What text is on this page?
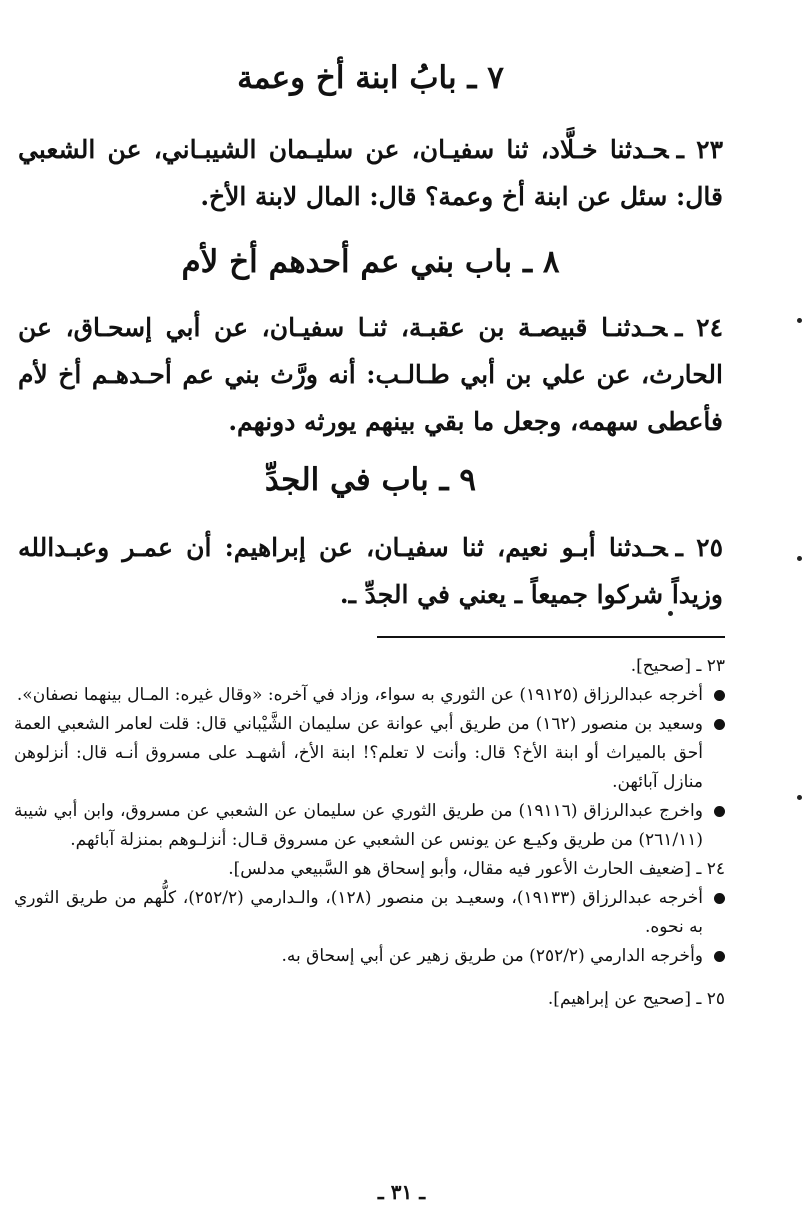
٧ ـ بابُ ابنة أخ وعمة
٢٣ ـحـدثنا خـلَّاد، ثنا سفيـان، عن سليـمان الشيبـاني، عن الشعبي قال: سئل عن ابنة أخ وعمة؟ قال: المال لابنة الأخ.
٨ ـ باب بني عم أحدهم أخ لأم
٢٤ ـحـدثنـا قبيصـة بن عقبـة، ثنـا سفيـان، عن أبي إسحـاق، عن الحارث، عن علي بن أبي طـالـب: أنه ورَّث بني عم أحـدهـم أخ لأم فأعطى سهمه، وجعل ما بقي بينهم يورثه دونهم.
٩ ـ باب في الجدِّ
٢٥ ـحـدثنا أبـو نعيم، ثنا سفيـان، عن إبراهيم: أن عمـر وعبـدالله وزيداً شركوا جميعاً ـ يعني في الجدِّ ـ.

٢٣ ـ [صحيح].

أخرجه عبدالرزاق (١٩١٢٥) عن الثوري به سواء، وزاد في آخره: «وقال غيره: المـال بينهما نصفان».

وسعيد بن منصور (١٦٢) من طريق أبي عوانة عن سليمان الشَّيْباني قال: قلت لعامر الشعبي العمة أحق بالميراث أو ابنة الأخ؟ قال: وأنت لا تعلم؟! ابنة الأخ، أشهـد على مسروق أنـه قال: أنزلوهن منازل آبائهن.

واخرج عبدالرزاق (١٩١١٦) من طريق الثوري عن سليمان عن الشعبي عن مسروق، وابن أبي شيبة (٢٦١/١١) من طريق وكيـع عن يونس عن الشعبي عن مسروق قـال: أنزلـوهم بمنزلة آبائهم.

٢٤ ـ [ضعيف الحارث الأعور فيه مقال، وأبو إسحاق هو السَّبيعي مدلس].

أخرجه عبدالرزاق (١٩١٣٣)، وسعيـد بن منصور (١٢٨)، والـدارمي (٢٥٢/٢)، كلُّهم من طريق الثوري به نحوه.

وأخرجه الدارمي (٢٥٢/٢) من طريق زهير عن أبي إسحاق به.

٢٥ ـ [صحيح عن إبراهيم].

ـ ٣١ ـ
